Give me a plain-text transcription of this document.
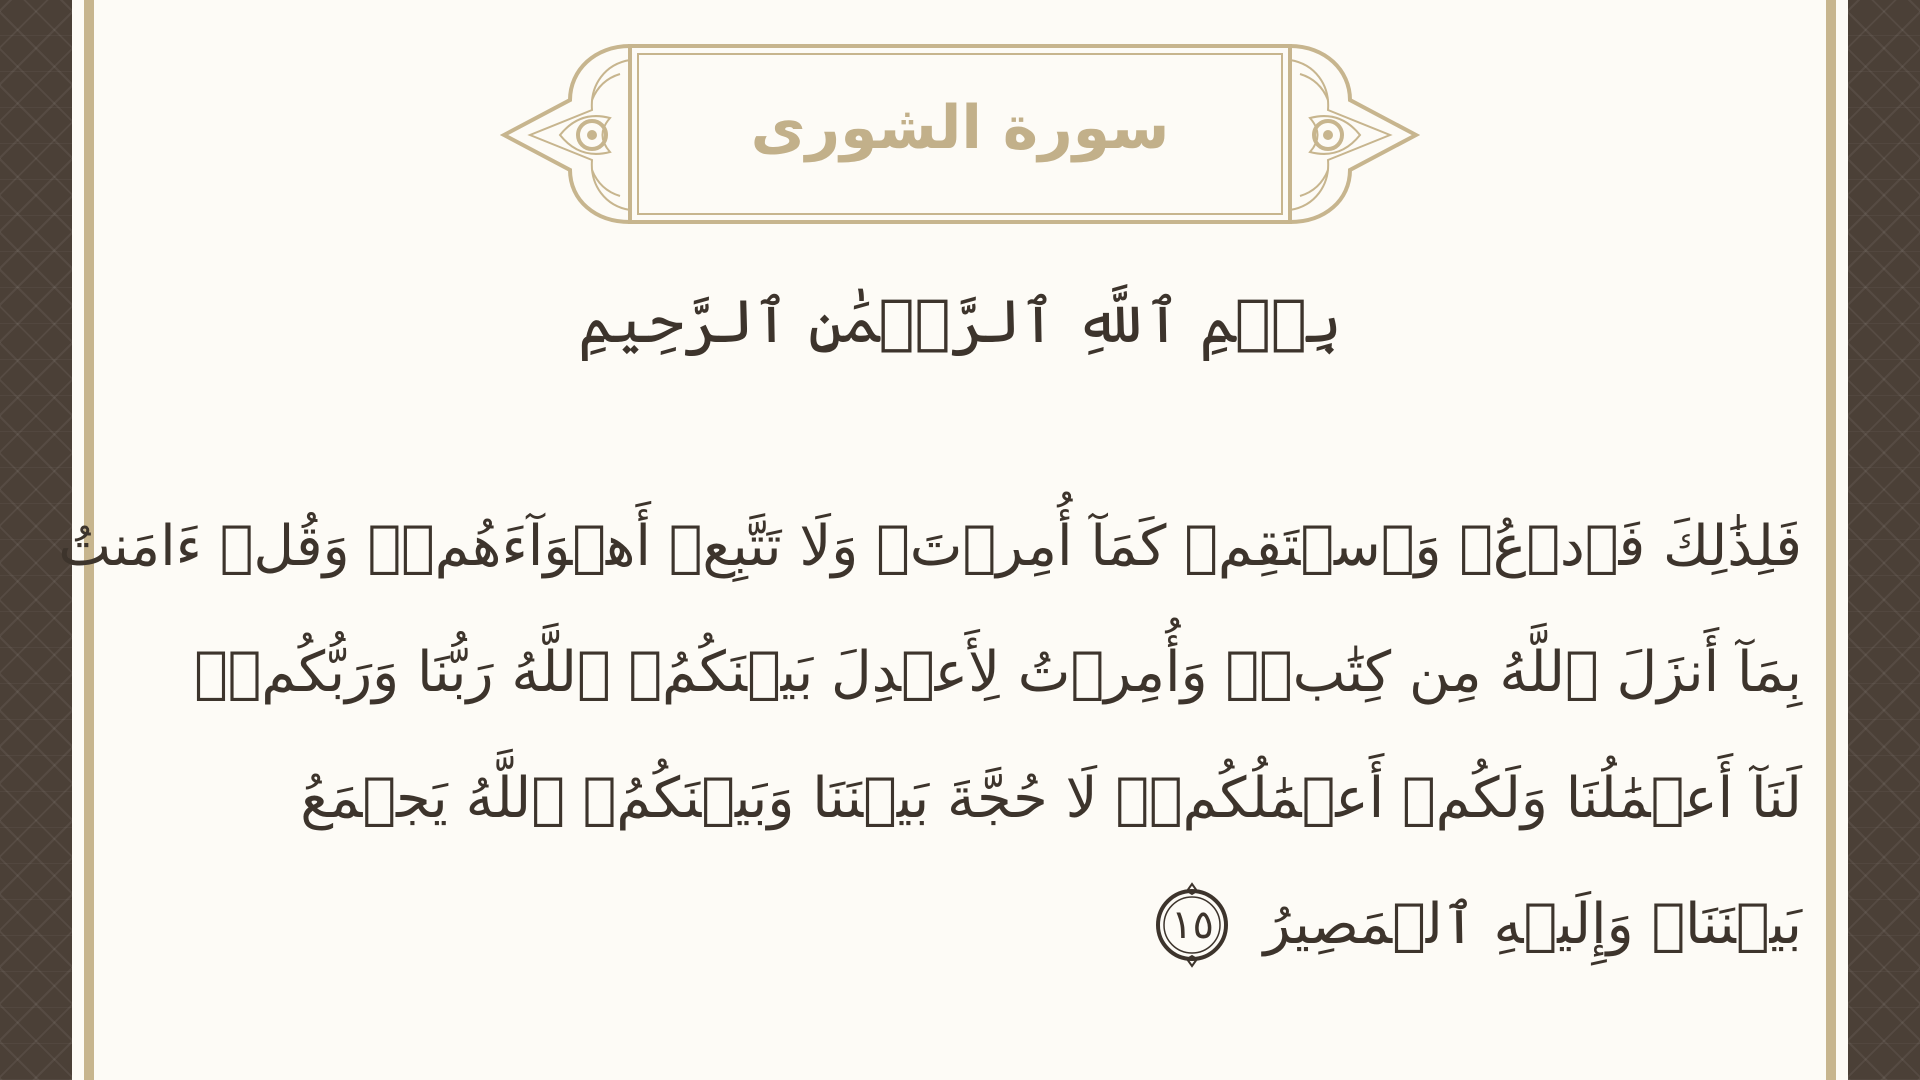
سورة الشورى
بِسۡمِ ٱللَّهِ ٱلرَّحۡمَٰنِ ٱلرَّحِيمِ
فَلِذَٰلِكَ فَٱدۡعُۖ وَٱسۡتَقِمۡ كَمَآ أُمِرۡتَۖ وَلَا تَتَّبِعۡ أَهۡوَآءَهُمۡۖ وَقُلۡ ءَامَنتُ
بِمَآ أَنزَلَ ٱللَّهُ مِن كِتَٰبٖۖ وَأُمِرۡتُ لِأَعۡدِلَ بَيۡنَكُمُۖ ٱللَّهُ رَبُّنَا وَرَبُّكُمۡۖ
لَنَآ أَعۡمَٰلُنَا وَلَكُمۡ أَعۡمَٰلُكُمۡۖ لَا حُجَّةَ بَيۡنَنَا وَبَيۡنَكُمُۖ ٱللَّهُ يَجۡمَعُ
بَيۡنَنَاۖ وَإِلَيۡهِ ٱلۡمَصِيرُ
١٥
